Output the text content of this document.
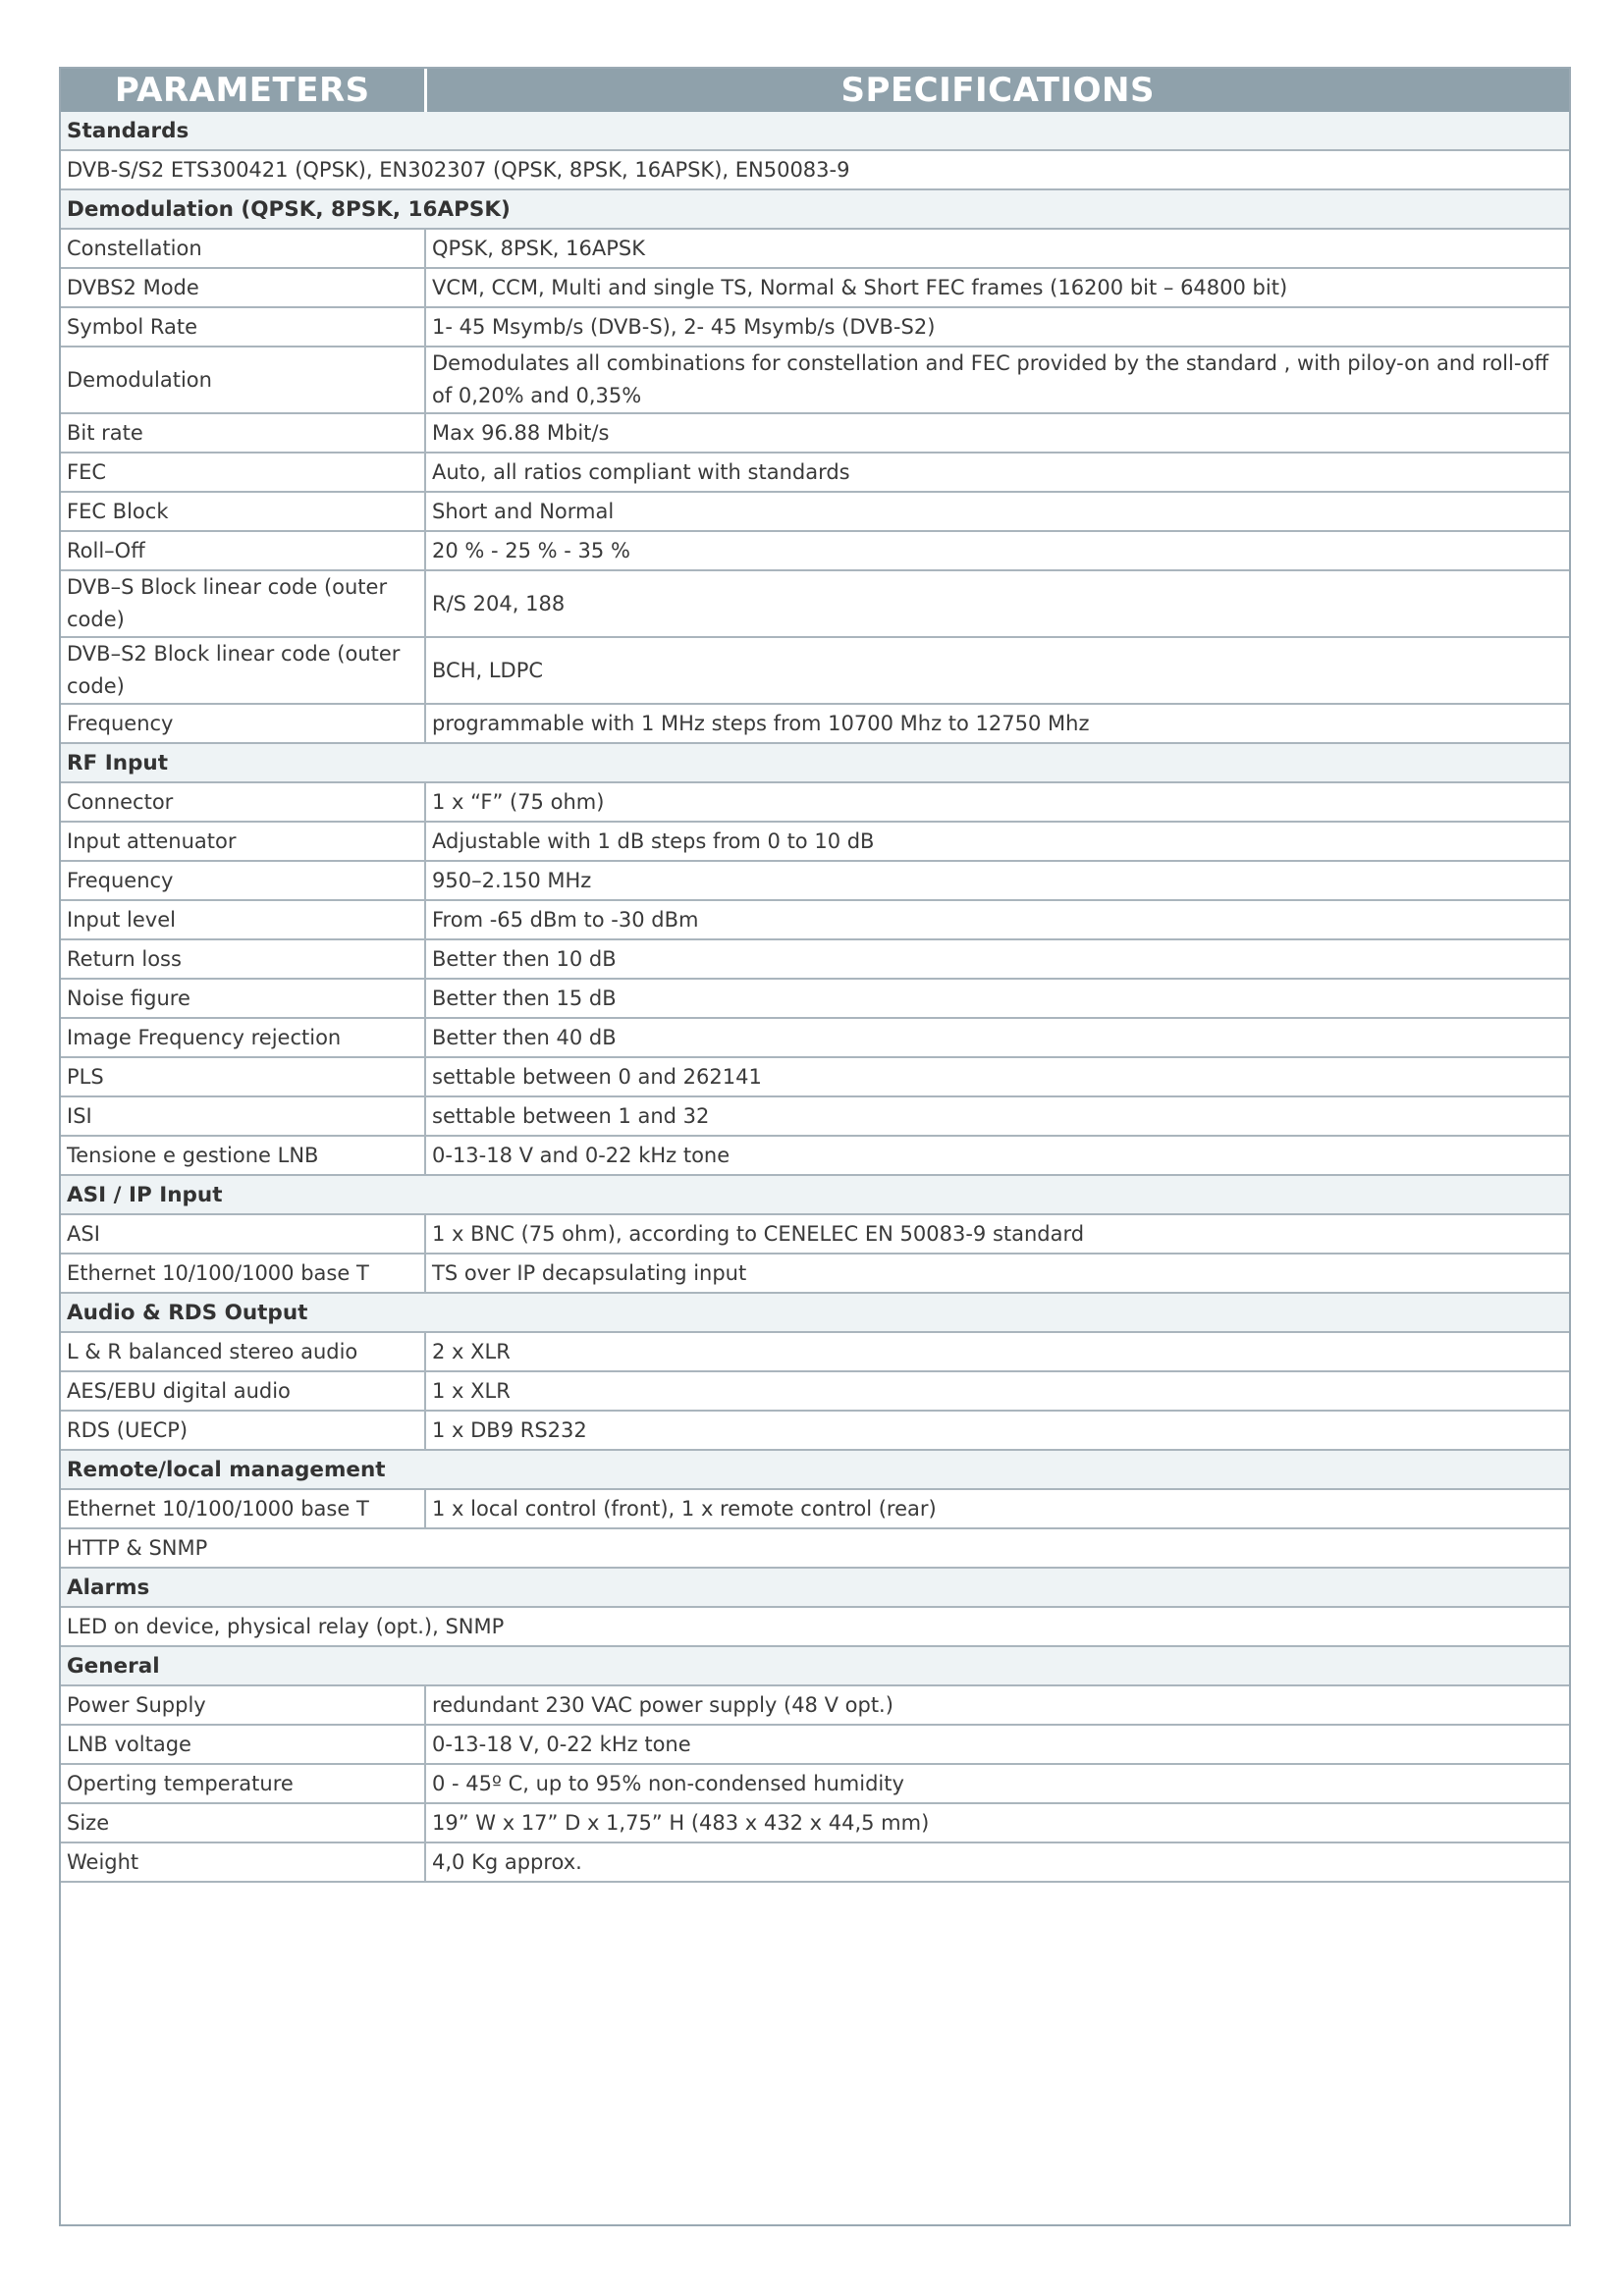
PARAMETERS	SPECIFICATIONS
Standards	
DVB-S/S2 ETS300421 (QPSK), EN302307 (QPSK, 8PSK, 16APSK), EN50083-9	
Demodulation (QPSK, 8PSK, 16APSK)	
Constellation	QPSK, 8PSK, 16APSK
DVBS2 Mode	VCM, CCM, Multi and single TS, Normal & Short FEC frames (16200 bit – 64800 bit)
Symbol Rate	1- 45 Msymb/s (DVB-S), 2- 45 Msymb/s (DVB-S2)
Demodulation	Demodulates all combinations for constellation and FEC provided by the standard , with piloy-on and roll-off of 0,20% and 0,35%
Bit rate	Max 96.88 Mbit/s
FEC	Auto, all ratios compliant with standards
FEC Block	Short and Normal
Roll–Off	20 % - 25 % - 35 %
DVB–S Block linear code (outer code)	R/S 204, 188
DVB–S2 Block linear code (outer code)	BCH, LDPC
Frequency	programmable with 1 MHz steps from 10700 Mhz to 12750 Mhz
RF Input	
Connector	1 x “F” (75 ohm)
Input attenuator	Adjustable with 1 dB steps from 0 to 10 dB
Frequency	950–2.150 MHz
Input level	From -65 dBm to -30 dBm
Return loss	Better then 10 dB
Noise figure	Better then 15 dB
Image Frequency rejection	Better then 40 dB
PLS	settable between 0 and 262141
ISI	settable between 1 and 32
Tensione e gestione LNB	0-13-18 V and 0-22 kHz tone
ASI / IP Input	
ASI	1 x BNC (75 ohm), according to CENELEC EN 50083-9 standard
Ethernet 10/100/1000 base T	TS over IP decapsulating input
Audio & RDS Output	
L & R balanced stereo audio	2 x XLR
AES/EBU digital audio	1 x XLR
RDS (UECP)	1 x DB9 RS232
Remote/local management	
Ethernet 10/100/1000 base T	1 x local control (front), 1 x remote control (rear)
HTTP & SNMP	
Alarms	
LED on device, physical relay (opt.), SNMP	
General	
Power Supply	redundant 230 VAC power supply (48 V opt.)
LNB voltage	0-13-18 V, 0-22 kHz tone
Operting temperature	0 - 45º C, up to 95% non-condensed humidity
Size	19” W x 17” D x 1,75” H (483 x 432 x 44,5 mm)
Weight	4,0 Kg approx.
